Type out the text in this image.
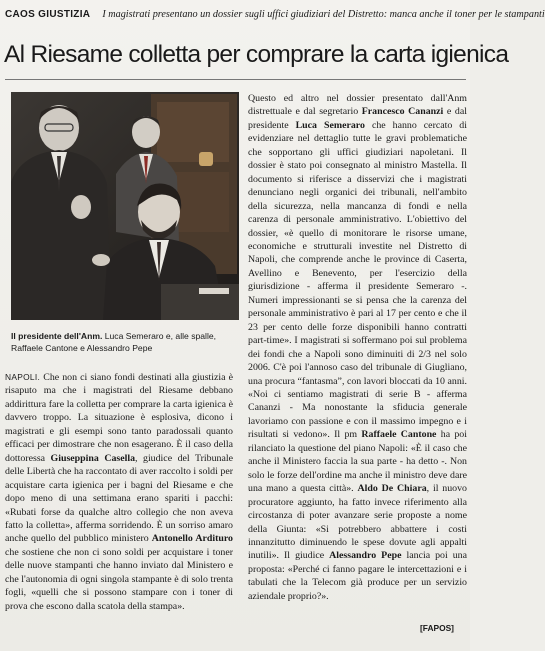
CAOS GIUSTIZIA I magistrati presentano un dossier sugli uffici giudiziari del Distretto: manca anche il toner per le stampanti
Al Riesame colletta per comprare la carta igienica
Il presidente dell'Anm. Luca Semeraro e, alle spalle, Raffaele Cantone e Alessandro Pepe

NAPOLI. Che non ci siano fondi destinati alla giustizia è risaputo ma che i magistrati del Riesame debbano addirittura fare la colletta per comprare la carta igienica è davvero troppo. La situazione è esplosiva, dicono i magistrati e gli esempi sono tanto paradossali quanto efficaci per dimostrare che non esagerano. È il caso della dottoressa Giuseppina Casella, giudice del Tribunale delle Libertà che ha raccontato di aver raccolto i soldi per acquistare carta igienica per i bagni del Riesame e che dopo meno di una settimana erano spariti i pacchi: «Rubati forse da qualche altro collegio che non aveva fatto la colletta», afferma sorridendo. È un sorriso amaro anche quello del pubblico ministero Antonello Ardituro che sostiene che non ci sono soldi per acquistare i toner delle nuove stampanti che hanno inviato dal Ministero e che l'autonomia di ogni singola stampante è di solo trenta fogli, «quelli che si possono stampare con i toner di prova che escono dalla scatola della stampa».

Questo ed altro nel dossier presentato dall'Anm distrettuale e dal segretario Francesco Cananzi e dal presidente Luca Semeraro che hanno cercato di evidenziare nel dettaglio tutte le gravi problematiche che sopportano gli uffici giudiziari napoletani. Il dossier è stato poi consegnato al ministro Mastella. Il documento si riferisce a disservizi che i magistrati denunciano negli organici dei tribunali, nell'ambito della sicurezza, nella mancanza di fondi e nella carenza di personale amministrativo. L'obiettivo del dossier, «è quello di monitorare le risorse umane, economiche e strutturali investite nel Distretto di Napoli, che comprende anche le province di Caserta, Avellino e Benevento, per l'esercizio della giurisdizione - afferma il presidente Semeraro -. Numeri impressionanti se si pensa che la carenza del personale amministrativo è pari al 17 per cento e che il 23 per cento delle forze disponibili hanno contratti part-time». I magistrati si soffermano poi sul problema dei fondi che a Napoli sono diminuiti di 2/3 nel solo 2006. C'è poi l'annoso caso del tribunale di Giugliano, una procura “fantasma”, con lavori bloccati da 10 anni. «Noi ci sentiamo magistrati di serie B - afferma Cananzi - Ma nonostante la sfiducia generale lavoriamo con passione e con il massimo impegno e i risultati si vedono». Il pm Raffaele Cantone ha poi rilanciato la questione del piano Napoli: «È il caso che anche il Ministero faccia la sua parte - ha detto -. Non solo le forze dell'ordine ma anche il ministro deve dare una mano a questa città». Aldo De Chiara, il nuovo procuratore aggiunto, ha fatto invece riferimento alla circostanza di poter avanzare serie proposte a nome della Giunta: «Si potrebbero abbattere i costi innanzitutto diminuendo le spese dovute agli appalti inutili». Il giudice Alessandro Pepe lancia poi una proposta: «Perché ci fanno pagare le intercettazioni e i tabulati che la Telecom già produce per un servizio aziendale proprio?».

[FAPOS]
